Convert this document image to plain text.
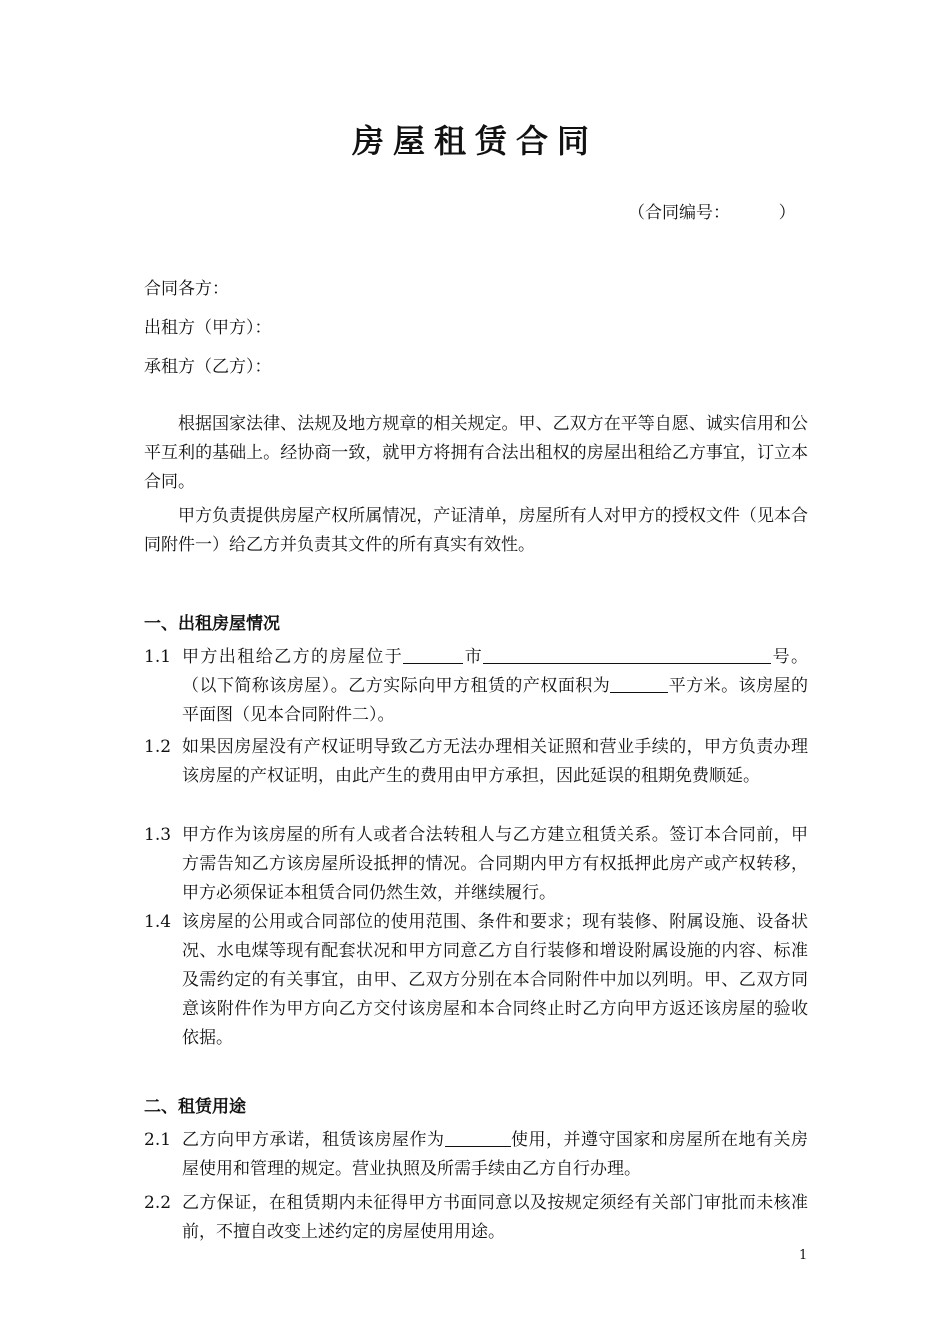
房屋租赁合同
（合同编号：         ）
合同各方：
出租方（甲方）：
承租方（乙方）：
根据国家法律、法规及地方规章的相关规定。甲、乙双方在平等自愿、诚实信用和公平互利的基础上。经协商一致，就甲方将拥有合法出租权的房屋出租给乙方事宜，订立本合同。
甲方负责提供房屋产权所属情况，产证清单，房屋所有人对甲方的授权文件（见本合同附件一）给乙方并负责其文件的所有真实有效性。
一、出租房屋情况
1.1 甲方出租给乙方的房屋位于	市	号。（以下简称该房屋）。乙方实际向甲方租赁的产权面积为	平方米。该房屋的平面图（见本合同附件二）。
1.2 如果因房屋没有产权证明导致乙方无法办理相关证照和营业手续的，甲方负责办理该房屋的产权证明，由此产生的费用由甲方承担，因此延误的租期免费顺延。
1.3 甲方作为该房屋的所有人或者合法转租人与乙方建立租赁关系。签订本合同前，甲方需告知乙方该房屋所设抵押的情况。合同期内甲方有权抵押此房产或产权转移，甲方必须保证本租赁合同仍然生效，并继续履行。
1.4 该房屋的公用或合同部位的使用范围、条件和要求；现有装修、附属设施、设备状况、水电煤等现有配套状况和甲方同意乙方自行装修和增设附属设施的内容、标准及需约定的有关事宜，由甲、乙双方分别在本合同附件中加以列明。甲、乙双方同意该附件作为甲方向乙方交付该房屋和本合同终止时乙方向甲方返还该房屋的验收依据。
二、租赁用途
2.1 乙方向甲方承诺，租赁该房屋作为	使用，并遵守国家和房屋所在地有关房屋使用和管理的规定。营业执照及所需手续由乙方自行办理。
2.2 乙方保证，在租赁期内未征得甲方书面同意以及按规定须经有关部门审批而未核准前，不擅自改变上述约定的房屋使用用途。
1
